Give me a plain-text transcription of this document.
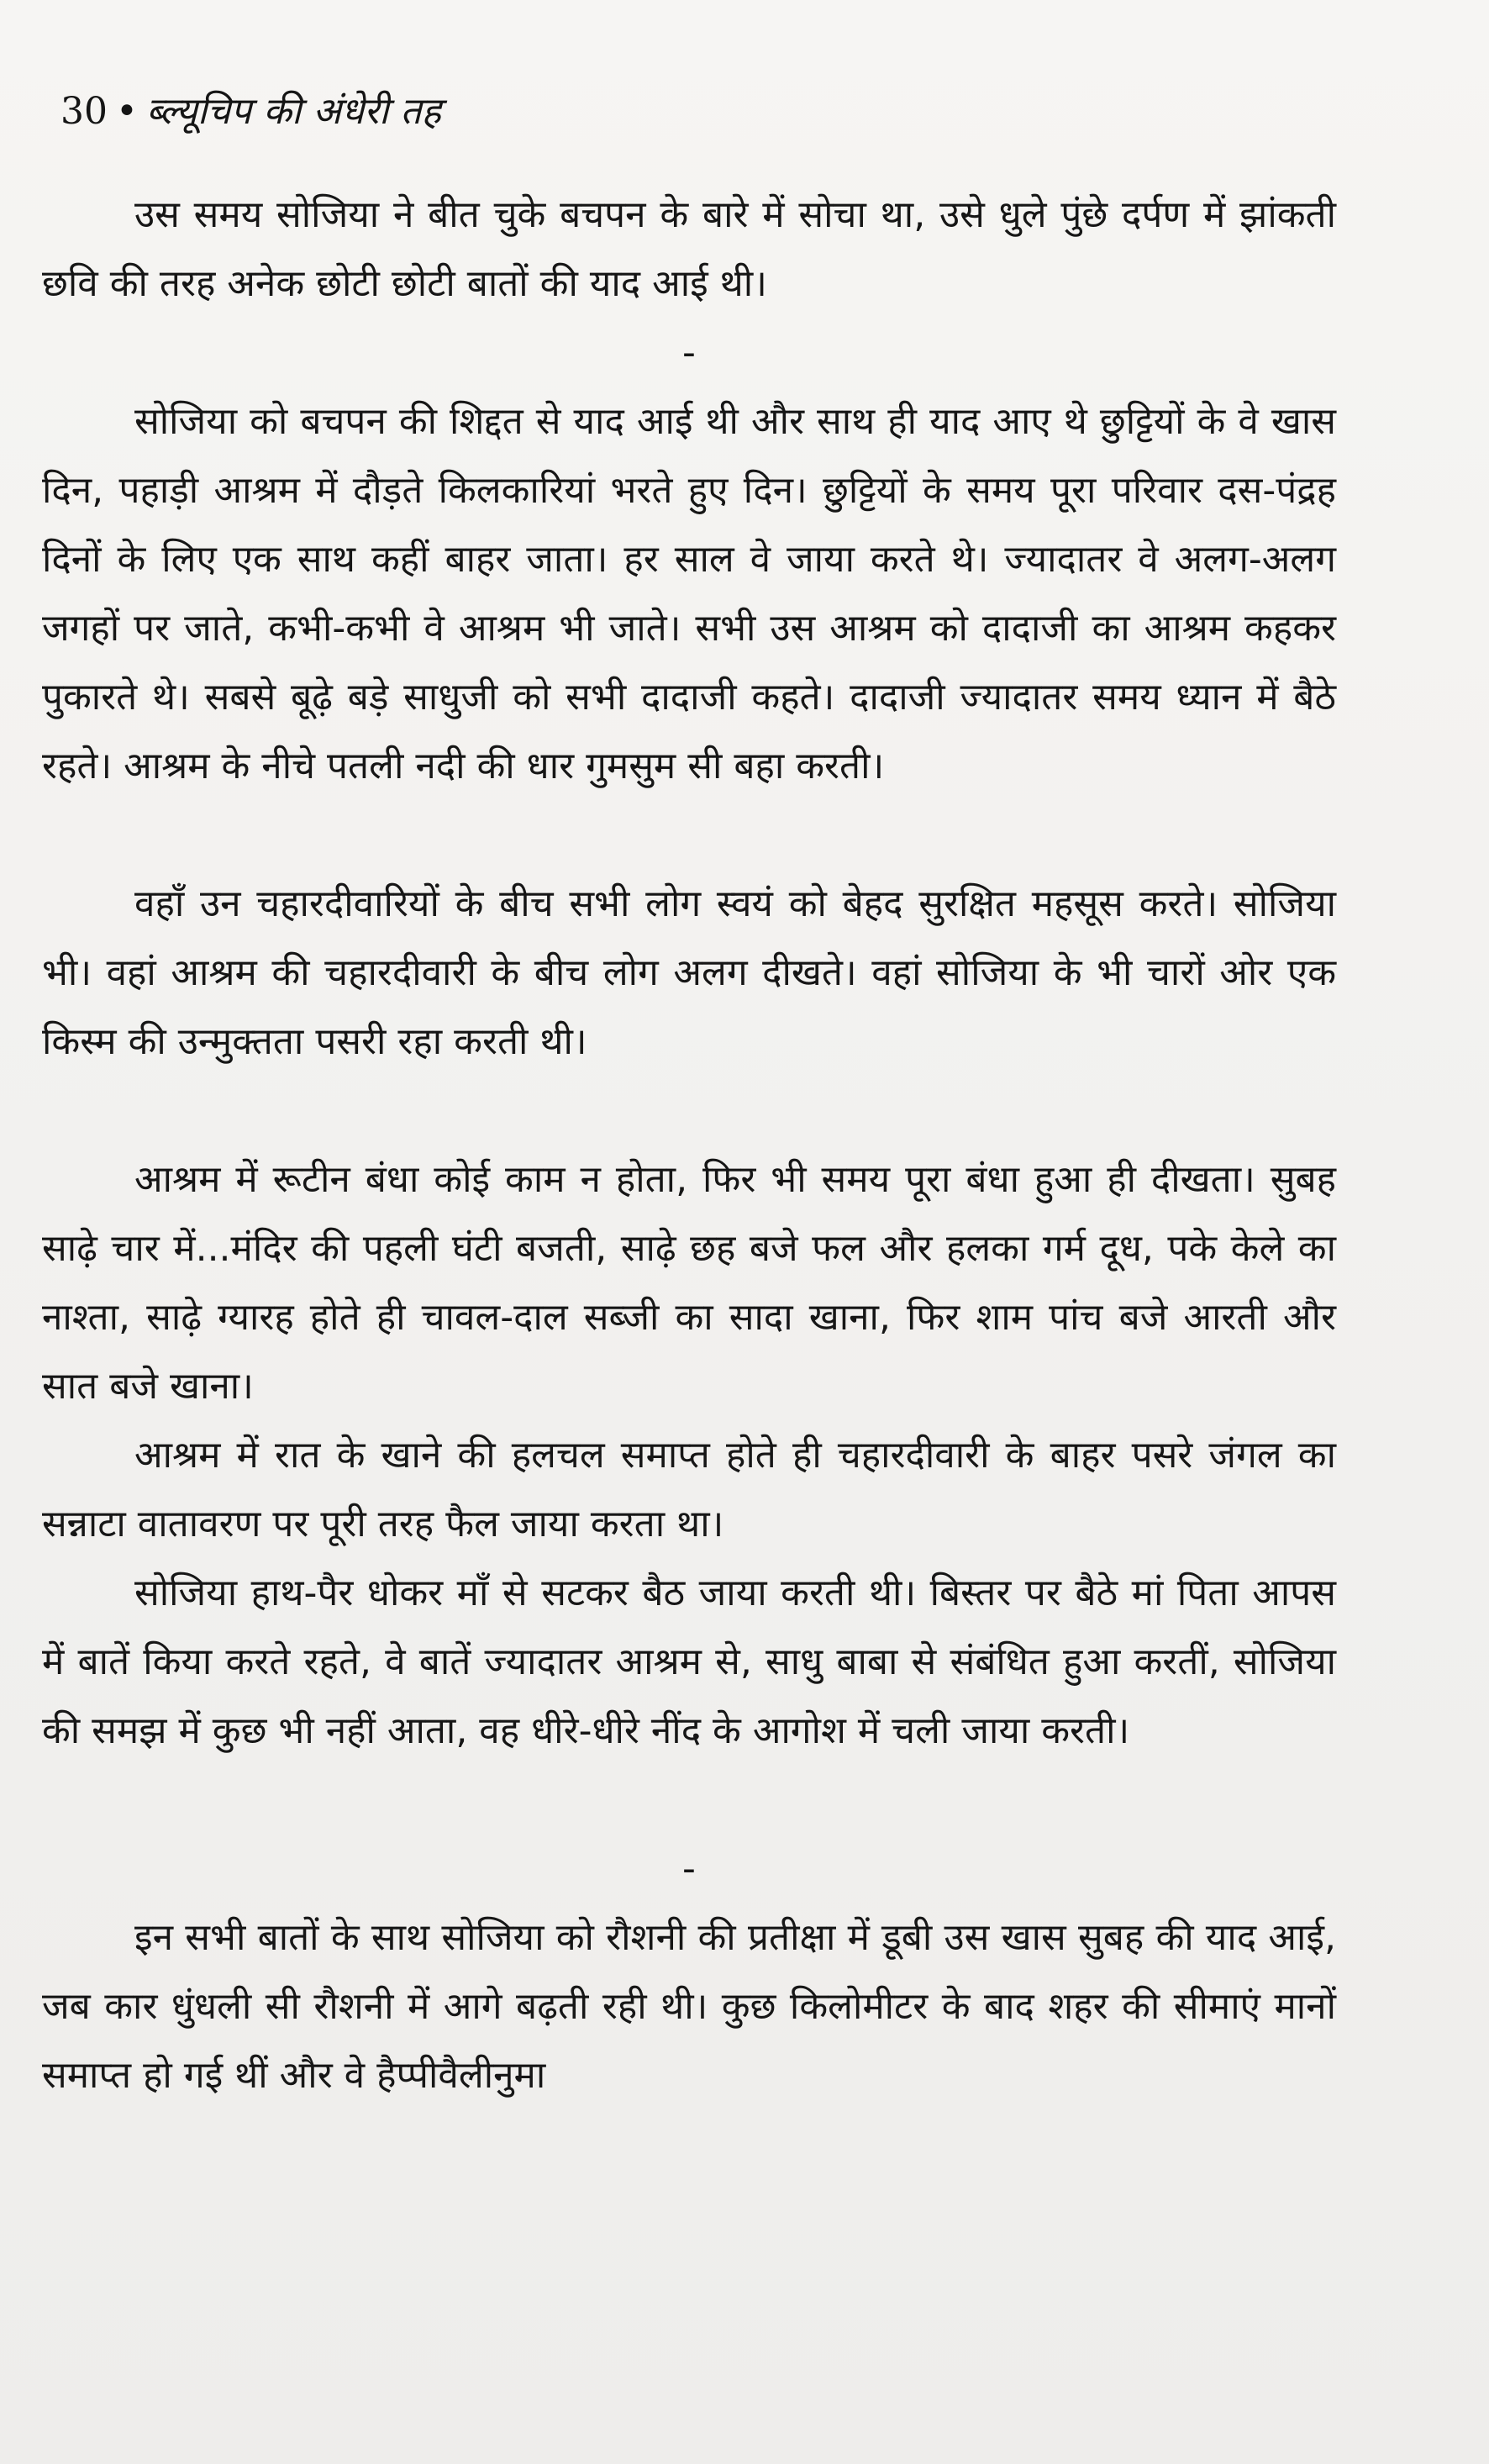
30 • ब्ल्यूचिप की अंधेरी तह

उस समय सोजिया ने बीत चुके बचपन के बारे में सोचा था, उसे धुले पुंछे दर्पण में झांकती छवि की तरह अनेक छोटी छोटी बातों की याद आई थी।

-

सोजिया को बचपन की शिद्दत से याद आई थी और साथ ही याद आए थे छुट्टियों के वे खास दिन, पहाड़ी आश्रम में दौड़ते किलकारियां भरते हुए दिन। छुट्टियों के समय पूरा परिवार दस-पंद्रह दिनों के लिए एक साथ कहीं बाहर जाता। हर साल वे जाया करते थे। ज्यादातर वे अलग-अलग जगहों पर जाते, कभी-कभी वे आश्रम भी जाते। सभी उस आश्रम को दादाजी का आश्रम कहकर पुकारते थे। सबसे बूढ़े बड़े साधुजी को सभी दादाजी कहते। दादाजी ज्यादातर समय ध्यान में बैठे रहते। आश्रम के नीचे पतली नदी की धार गुमसुम सी बहा करती।

वहाँ उन चहारदीवारियों के बीच सभी लोग स्वयं को बेहद सुरक्षित महसूस करते। सोजिया भी। वहां आश्रम की चहारदीवारी के बीच लोग अलग दीखते। वहां सोजिया के भी चारों ओर एक किस्म की उन्मुक्तता पसरी रहा करती थी।

आश्रम में रूटीन बंधा कोई काम न होता, फिर भी समय पूरा बंधा हुआ ही दीखता। सुबह साढ़े चार में...मंदिर की पहली घंटी बजती, साढ़े छह बजे फल और हलका गर्म दूध, पके केले का नाश्ता, साढ़े ग्यारह होते ही चावल-दाल सब्जी का सादा खाना, फिर शाम पांच बजे आरती और सात बजे खाना।

आश्रम में रात के खाने की हलचल समाप्त होते ही चहारदीवारी के बाहर पसरे जंगल का सन्नाटा वातावरण पर पूरी तरह फैल जाया करता था।

सोजिया हाथ-पैर धोकर माँ से सटकर बैठ जाया करती थी। बिस्तर पर बैठे मां पिता आपस में बातें किया करते रहते, वे बातें ज्यादातर आश्रम से, साधु बाबा से संबंधित हुआ करतीं, सोजिया की समझ में कुछ भी नहीं आता, वह धीरे-धीरे नींद के आगोश में चली जाया करती।

-

इन सभी बातों के साथ सोजिया को रौशनी की प्रतीक्षा में डूबी उस खास सुबह की याद आई, जब कार धुंधली सी रौशनी में आगे बढ़ती रही थी। कुछ किलोमीटर के बाद शहर की सीमाएं मानों समाप्त हो गई थीं और वे हैप्पीवैलीनुमा
